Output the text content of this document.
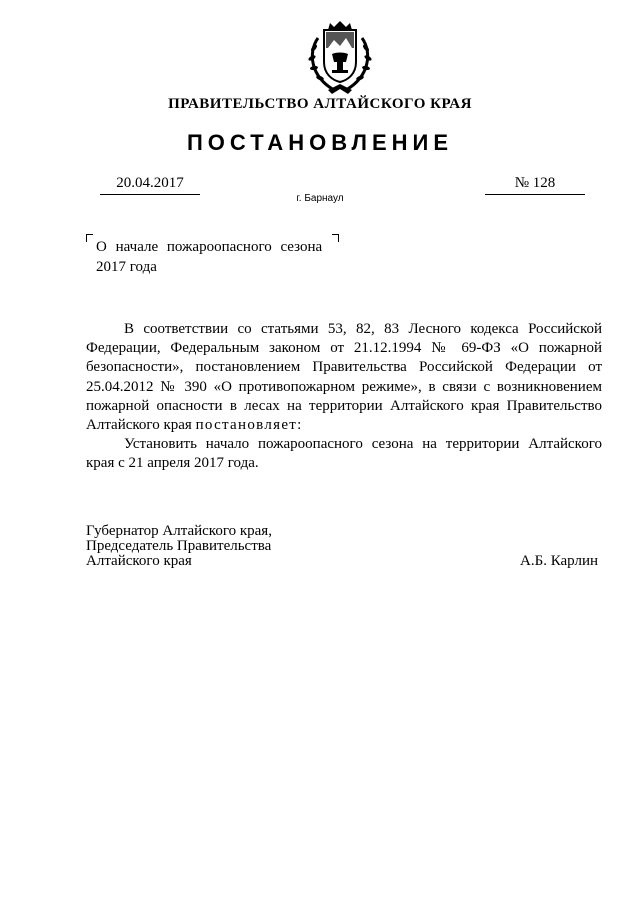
ПРАВИТЕЛЬСТВО АЛТАЙСКОГО КРАЯ
ПОСТАНОВЛЕНИЕ
20.04.2017	№ 128
г. Барнаул
О начале пожароопасного сезона
2017 года

В соответствии со статьями 53, 82, 83 Лесного кодекса Российской Федерации, Федеральным законом от 21.12.1994 № 69-ФЗ «О пожарной безопасности», постановлением Правительства Российской Федерации от 25.04.2012 № 390 «О противопожарном режиме», в связи с возникновением пожарной опасности в лесах на территории Алтайского края Правительство Алтайского края постановляет:

Установить начало пожароопасного сезона на территории Алтайского края с 21 апреля 2017 года.

Губернатор Алтайского края,
Председатель Правительства
Алтайского края	А.Б. Карлин
